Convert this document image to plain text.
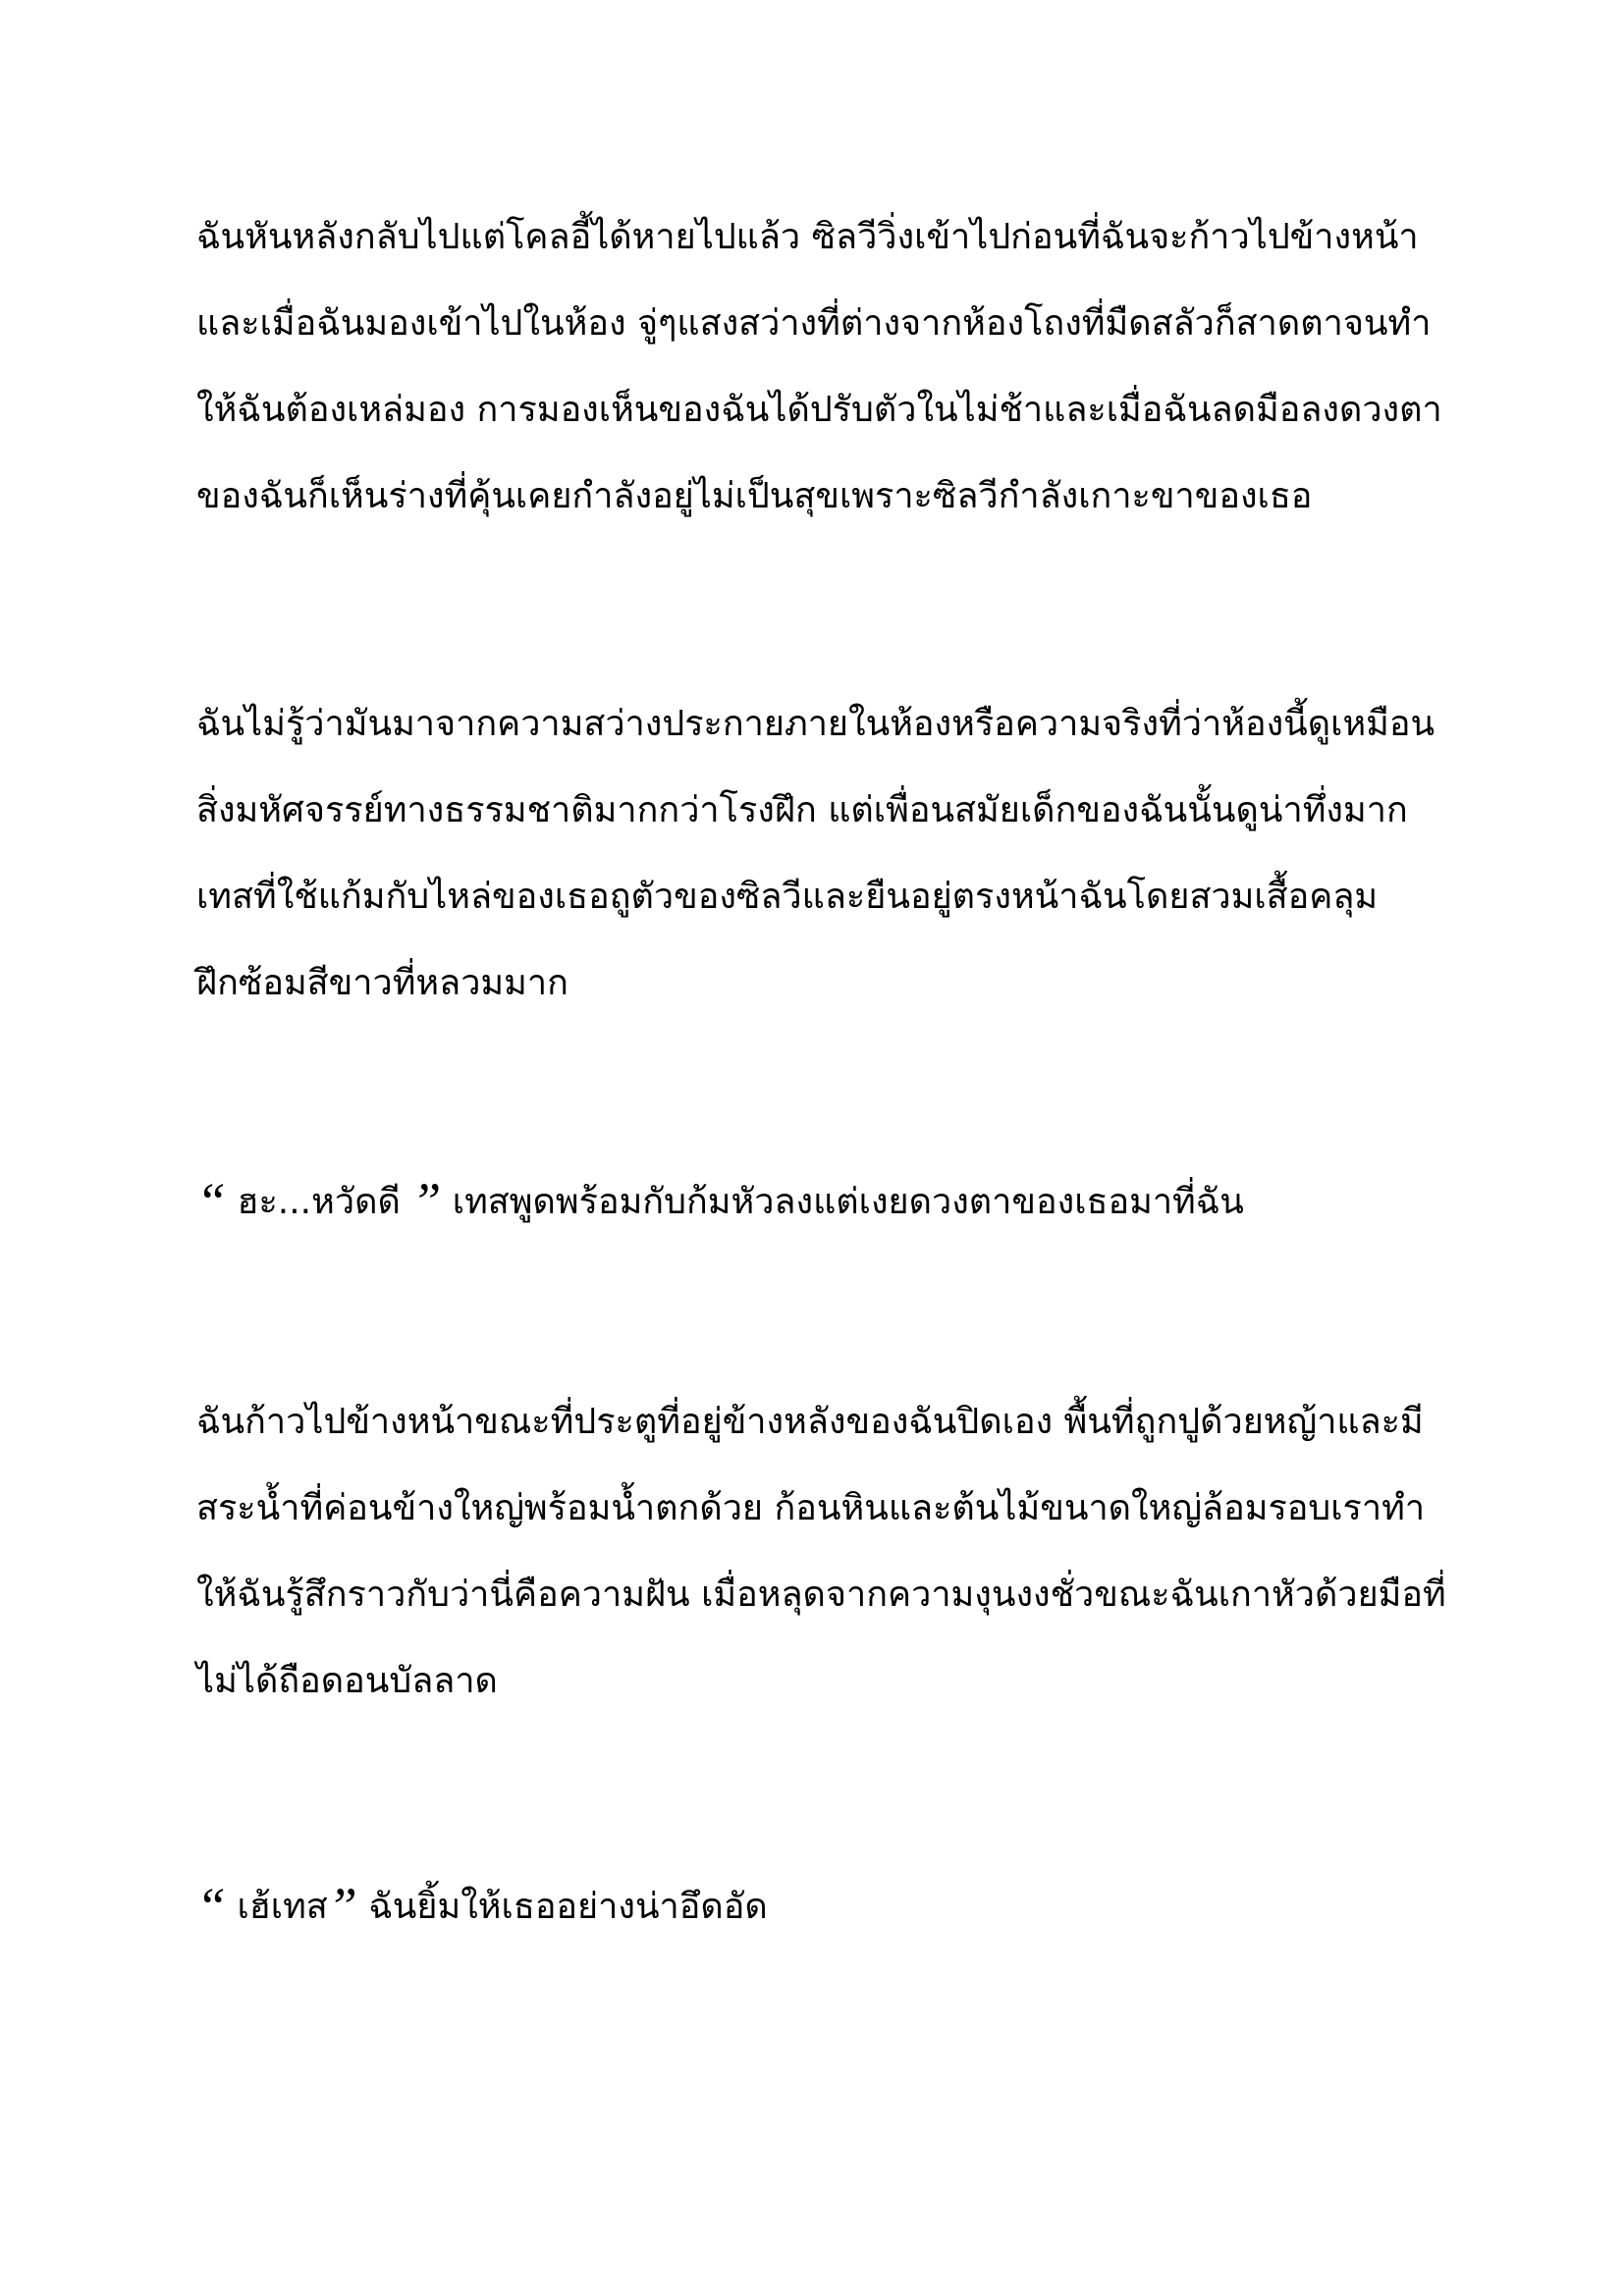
ฉันหันหลังกลับไปแต่โคลอี้ได้หายไปแล้ว ซิลวีวิ่งเข้าไปก่อนที่ฉันจะก้าวไปข้างหน้า
และเมื่อฉันมองเข้าไปในห้อง จู่ๆแสงสว่างที่ต่างจากห้องโถงที่มืดสลัวก็สาดตาจนทำ
ให้ฉันต้องเหล่มอง การมองเห็นของฉันได้ปรับตัวในไม่ช้าและเมื่อฉันลดมือลงดวงตา
ของฉันก็เห็นร่างที่คุ้นเคยกำลังอยู่ไม่เป็นสุขเพราะซิลวีกำลังเกาะขาของเธอ
ฉันไม่รู้ว่ามันมาจากความสว่างประกายภายในห้องหรือความจริงที่ว่าห้องนี้ดูเหมือน
สิ่งมหัศจรรย์ทางธรรมชาติมากกว่าโรงฝึก แต่เพื่อนสมัยเด็กของฉันนั้นดูน่าทึ่งมาก
เทสที่ใช้แก้มกับไหล่ของเธอถูตัวของซิลวีและยืนอยู่ตรงหน้าฉันโดยสวมเสื้อคลุม
ฝึกซ้อมสีขาวที่หลวมมาก
“ ฮะ...หวัดดี ” เทสพูดพร้อมกับก้มหัวลงแต่เงยดวงตาของเธอมาที่ฉัน
ฉันก้าวไปข้างหน้าขณะที่ประตูที่อยู่ข้างหลังของฉันปิดเอง พื้นที่ถูกปูด้วยหญ้าและมี
สระน้ำที่ค่อนข้างใหญ่พร้อมน้ำตกด้วย ก้อนหินและต้นไม้ขนาดใหญ่ล้อมรอบเราทำ
ให้ฉันรู้สึกราวกับว่านี่คือความฝัน เมื่อหลุดจากความงุนงงชั่วขณะฉันเกาหัวด้วยมือที่
ไม่ได้ถือดอนบัลลาด
“ เฮ้เทส” ฉันยิ้มให้เธออย่างน่าอึดอัด
